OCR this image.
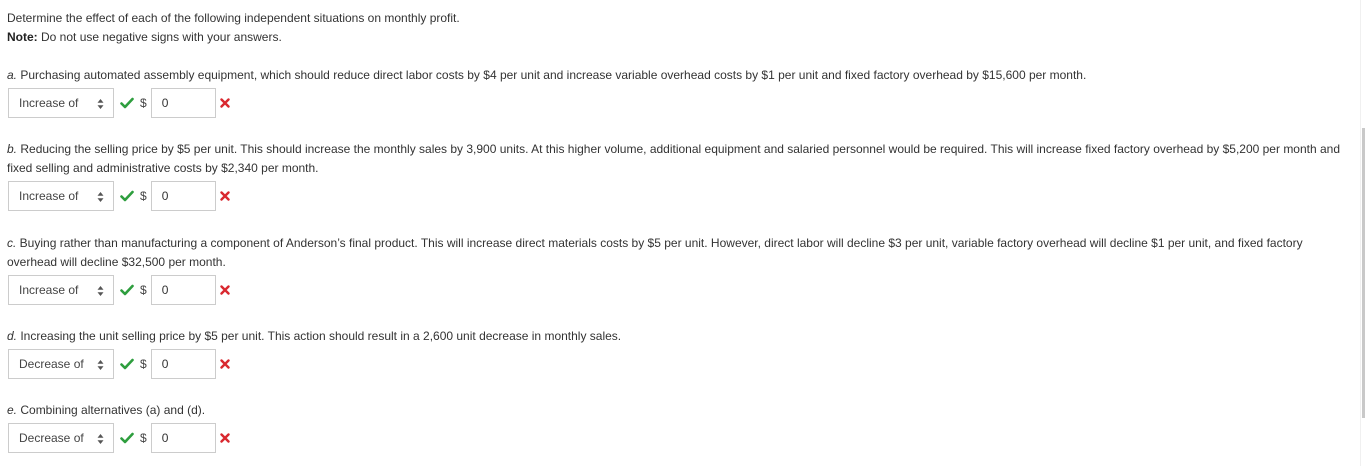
Determine the effect of each of the following independent situations on monthly profit.
Note: Do not use negative signs with your answers.
a. Purchasing automated assembly equipment, which should reduce direct labor costs by $4 per unit and increase variable overhead costs by $1 per unit and fixed factory overhead by $15,600 per month.
Increase of	$	0
b. Reducing the selling price by $5 per unit. This should increase the monthly sales by 3,900 units. At this higher volume, additional equipment and salaried personnel would be required. This will increase fixed factory overhead by $5,200 per month and fixed selling and administrative costs by $2,340 per month.
Increase of	$	0
c. Buying rather than manufacturing a component of Anderson’s final product. This will increase direct materials costs by $5 per unit. However, direct labor will decline $3 per unit, variable factory overhead will decline $1 per unit, and fixed factory overhead will decline $32,500 per month.
Increase of	$	0
d. Increasing the unit selling price by $5 per unit. This action should result in a 2,600 unit decrease in monthly sales.
Decrease of	$	0
e. Combining alternatives (a) and (d).
Decrease of	$	0
